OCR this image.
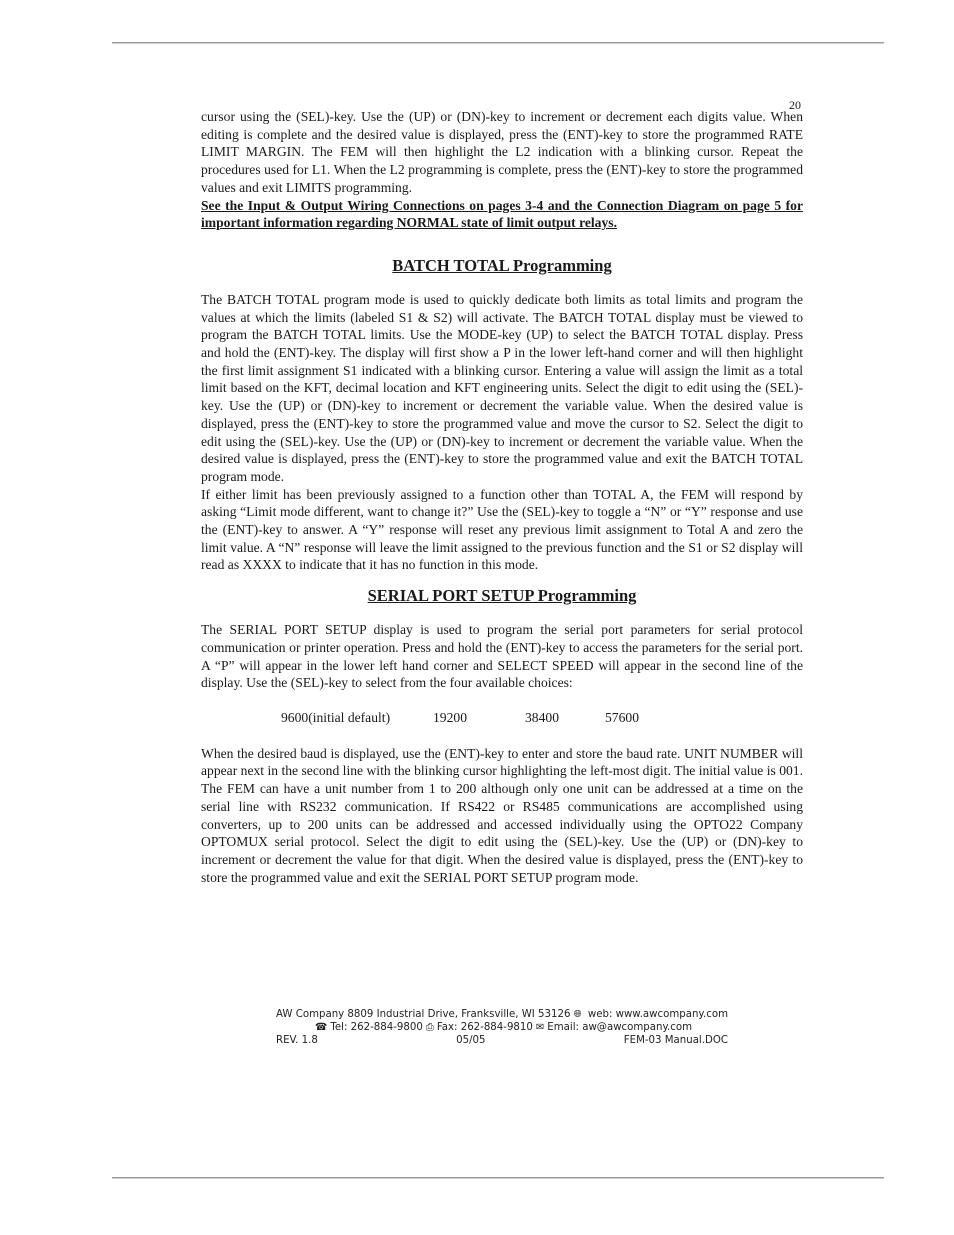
20

cursor using the (SEL)-key. Use the (UP) or (DN)-key to increment or decrement each digits value. When editing is complete and the desired value is displayed, press the (ENT)-key to store the programmed RATE LIMIT MARGIN. The FEM will then highlight the L2 indication with a blinking cursor. Repeat the procedures used for L1. When the L2 programming is complete, press the (ENT)-key to store the programmed values and exit LIMITS programming.

See the Input & Output Wiring Connections on pages 3-4 and the Connection Diagram on page 5 for important information regarding NORMAL state of limit output relays.

BATCH TOTAL Programming

The BATCH TOTAL program mode is used to quickly dedicate both limits as total limits and program the values at which the limits (labeled S1 & S2) will activate. The BATCH TOTAL display must be viewed to program the BATCH TOTAL limits. Use the MODE-key (UP) to select the BATCH TOTAL display. Press and hold the (ENT)-key. The display will first show a P in the lower left-hand corner and will then highlight the first limit assignment S1 indicated with a blinking cursor. Entering a value will assign the limit as a total limit based on the KFT, decimal location and KFT engineering units. Select the digit to edit using the (SEL)-key. Use the (UP) or (DN)-key to increment or decrement the variable value. When the desired value is displayed, press the (ENT)-key to store the programmed value and move the cursor to S2. Select the digit to edit using the (SEL)-key. Use the (UP) or (DN)-key to increment or decrement the variable value. When the desired value is displayed, press the (ENT)-key to store the programmed value and exit the BATCH TOTAL program mode.

If either limit has been previously assigned to a function other than TOTAL A, the FEM will respond by asking “Limit mode different, want to change it?” Use the (SEL)-key to toggle a “N” or “Y” response and use the (ENT)-key to answer. A “Y” response will reset any previous limit assignment to Total A and zero the limit value. A “N” response will leave the limit assigned to the previous function and the S1 or S2 display will read as XXXX to indicate that it has no function in this mode.

SERIAL PORT SETUP Programming

The SERIAL PORT SETUP display is used to program the serial port parameters for serial protocol communication or printer operation. Press and hold the (ENT)-key to access the parameters for the serial port. A “P” will appear in the lower left hand corner and SELECT SPEED will appear in the second line of the display. Use the (SEL)-key to select from the four available choices:

9600(initial default)	19200	38400	57600

When the desired baud is displayed, use the (ENT)-key to enter and store the baud rate. UNIT NUMBER will appear next in the second line with the blinking cursor highlighting the left-most digit. The initial value is 001. The FEM can have a unit number from 1 to 200 although only one unit can be addressed at a time on the serial line with RS232 communication. If RS422 or RS485 communications are accomplished using converters, up to 200 units can be addressed and accessed individually using the OPTO22 Company OPTOMUX serial protocol. Select the digit to edit using the (SEL)-key. Use the (UP) or (DN)-key to increment or decrement the value for that digit. When the desired value is displayed, press the (ENT)-key to store the programmed value and exit the SERIAL PORT SETUP program mode.

AW Company 8809 Industrial Drive, Franksville, WI 53126 🌐︎ web: www.awcompany.com
☎ Tel: 262-884-9800 ⎙ Fax: 262-884-9810 ✉ Email: aw@awcompany.com
REV. 1.8	05/05	FEM-03 Manual.DOC
